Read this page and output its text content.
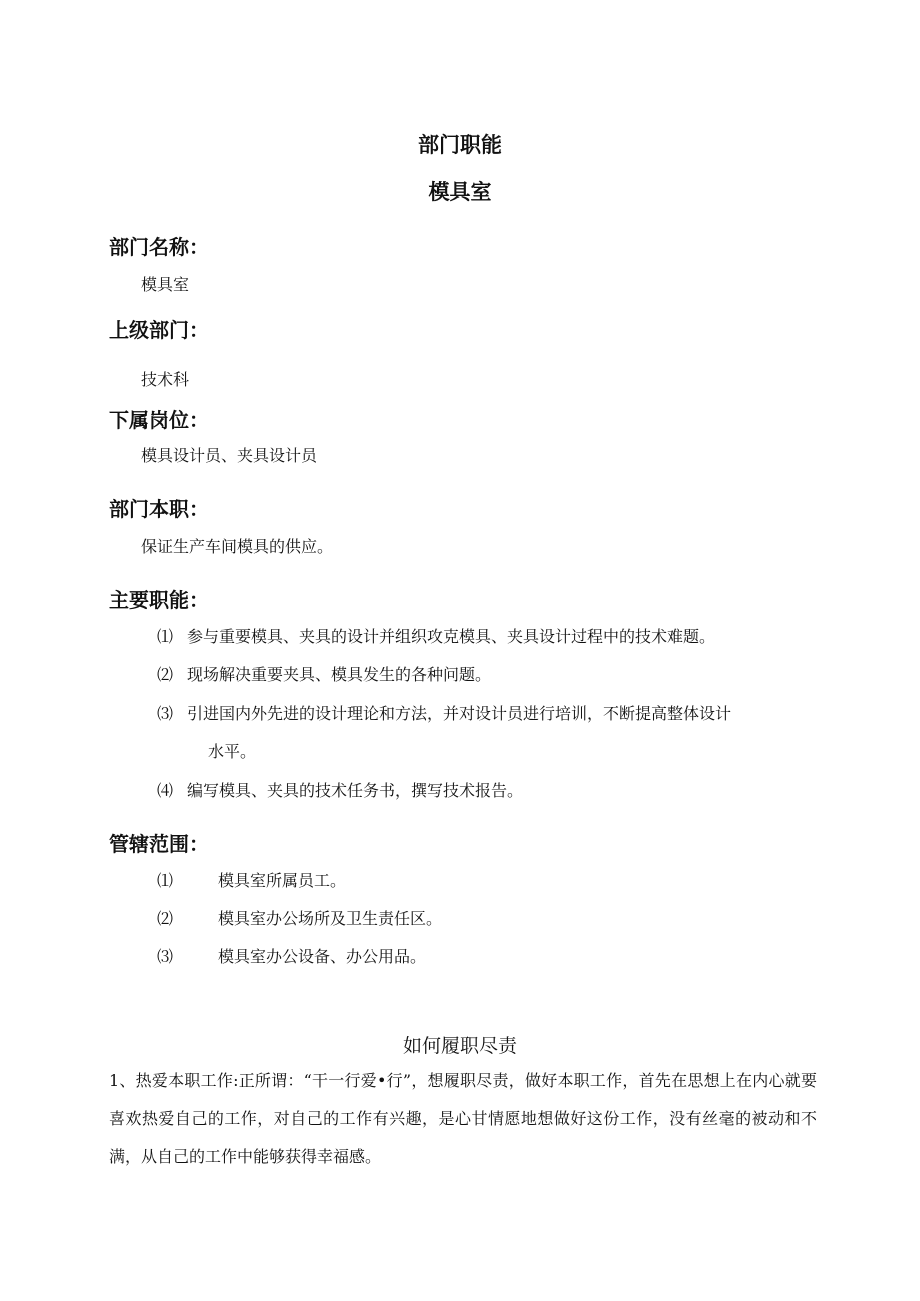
部门职能
模具室
部门名称：
模具室
上级部门：
技术科
下属岗位：
模具设计员、夹具设计员
部门本职：
保证生产车间模具的供应。
主要职能：
⑴ 参与重要模具、夹具的设计并组织攻克模具、夹具设计过程中的技术难题。
⑵ 现场解决重要夹具、模具发生的各种问题。
⑶ 引进国内外先进的设计理论和方法，并对设计员进行培训，不断提高整体设计
水平。
⑷ 编写模具、夹具的技术任务书，撰写技术报告。
管辖范围：
⑴	模具室所属员工。
⑵	模具室办公场所及卫生责任区。
⑶	模具室办公设备、办公用品。
如何履职尽责
1、热爱本职工作:正所谓：“干一行爱•行”，想履职尽责，做好本职工作，首先在思想上在内心就要喜欢热爱自己的工作，对自己的工作有兴趣，是心甘情愿地想做好这份工作，没有丝毫的被动和不满，从自己的工作中能够获得幸福感。
